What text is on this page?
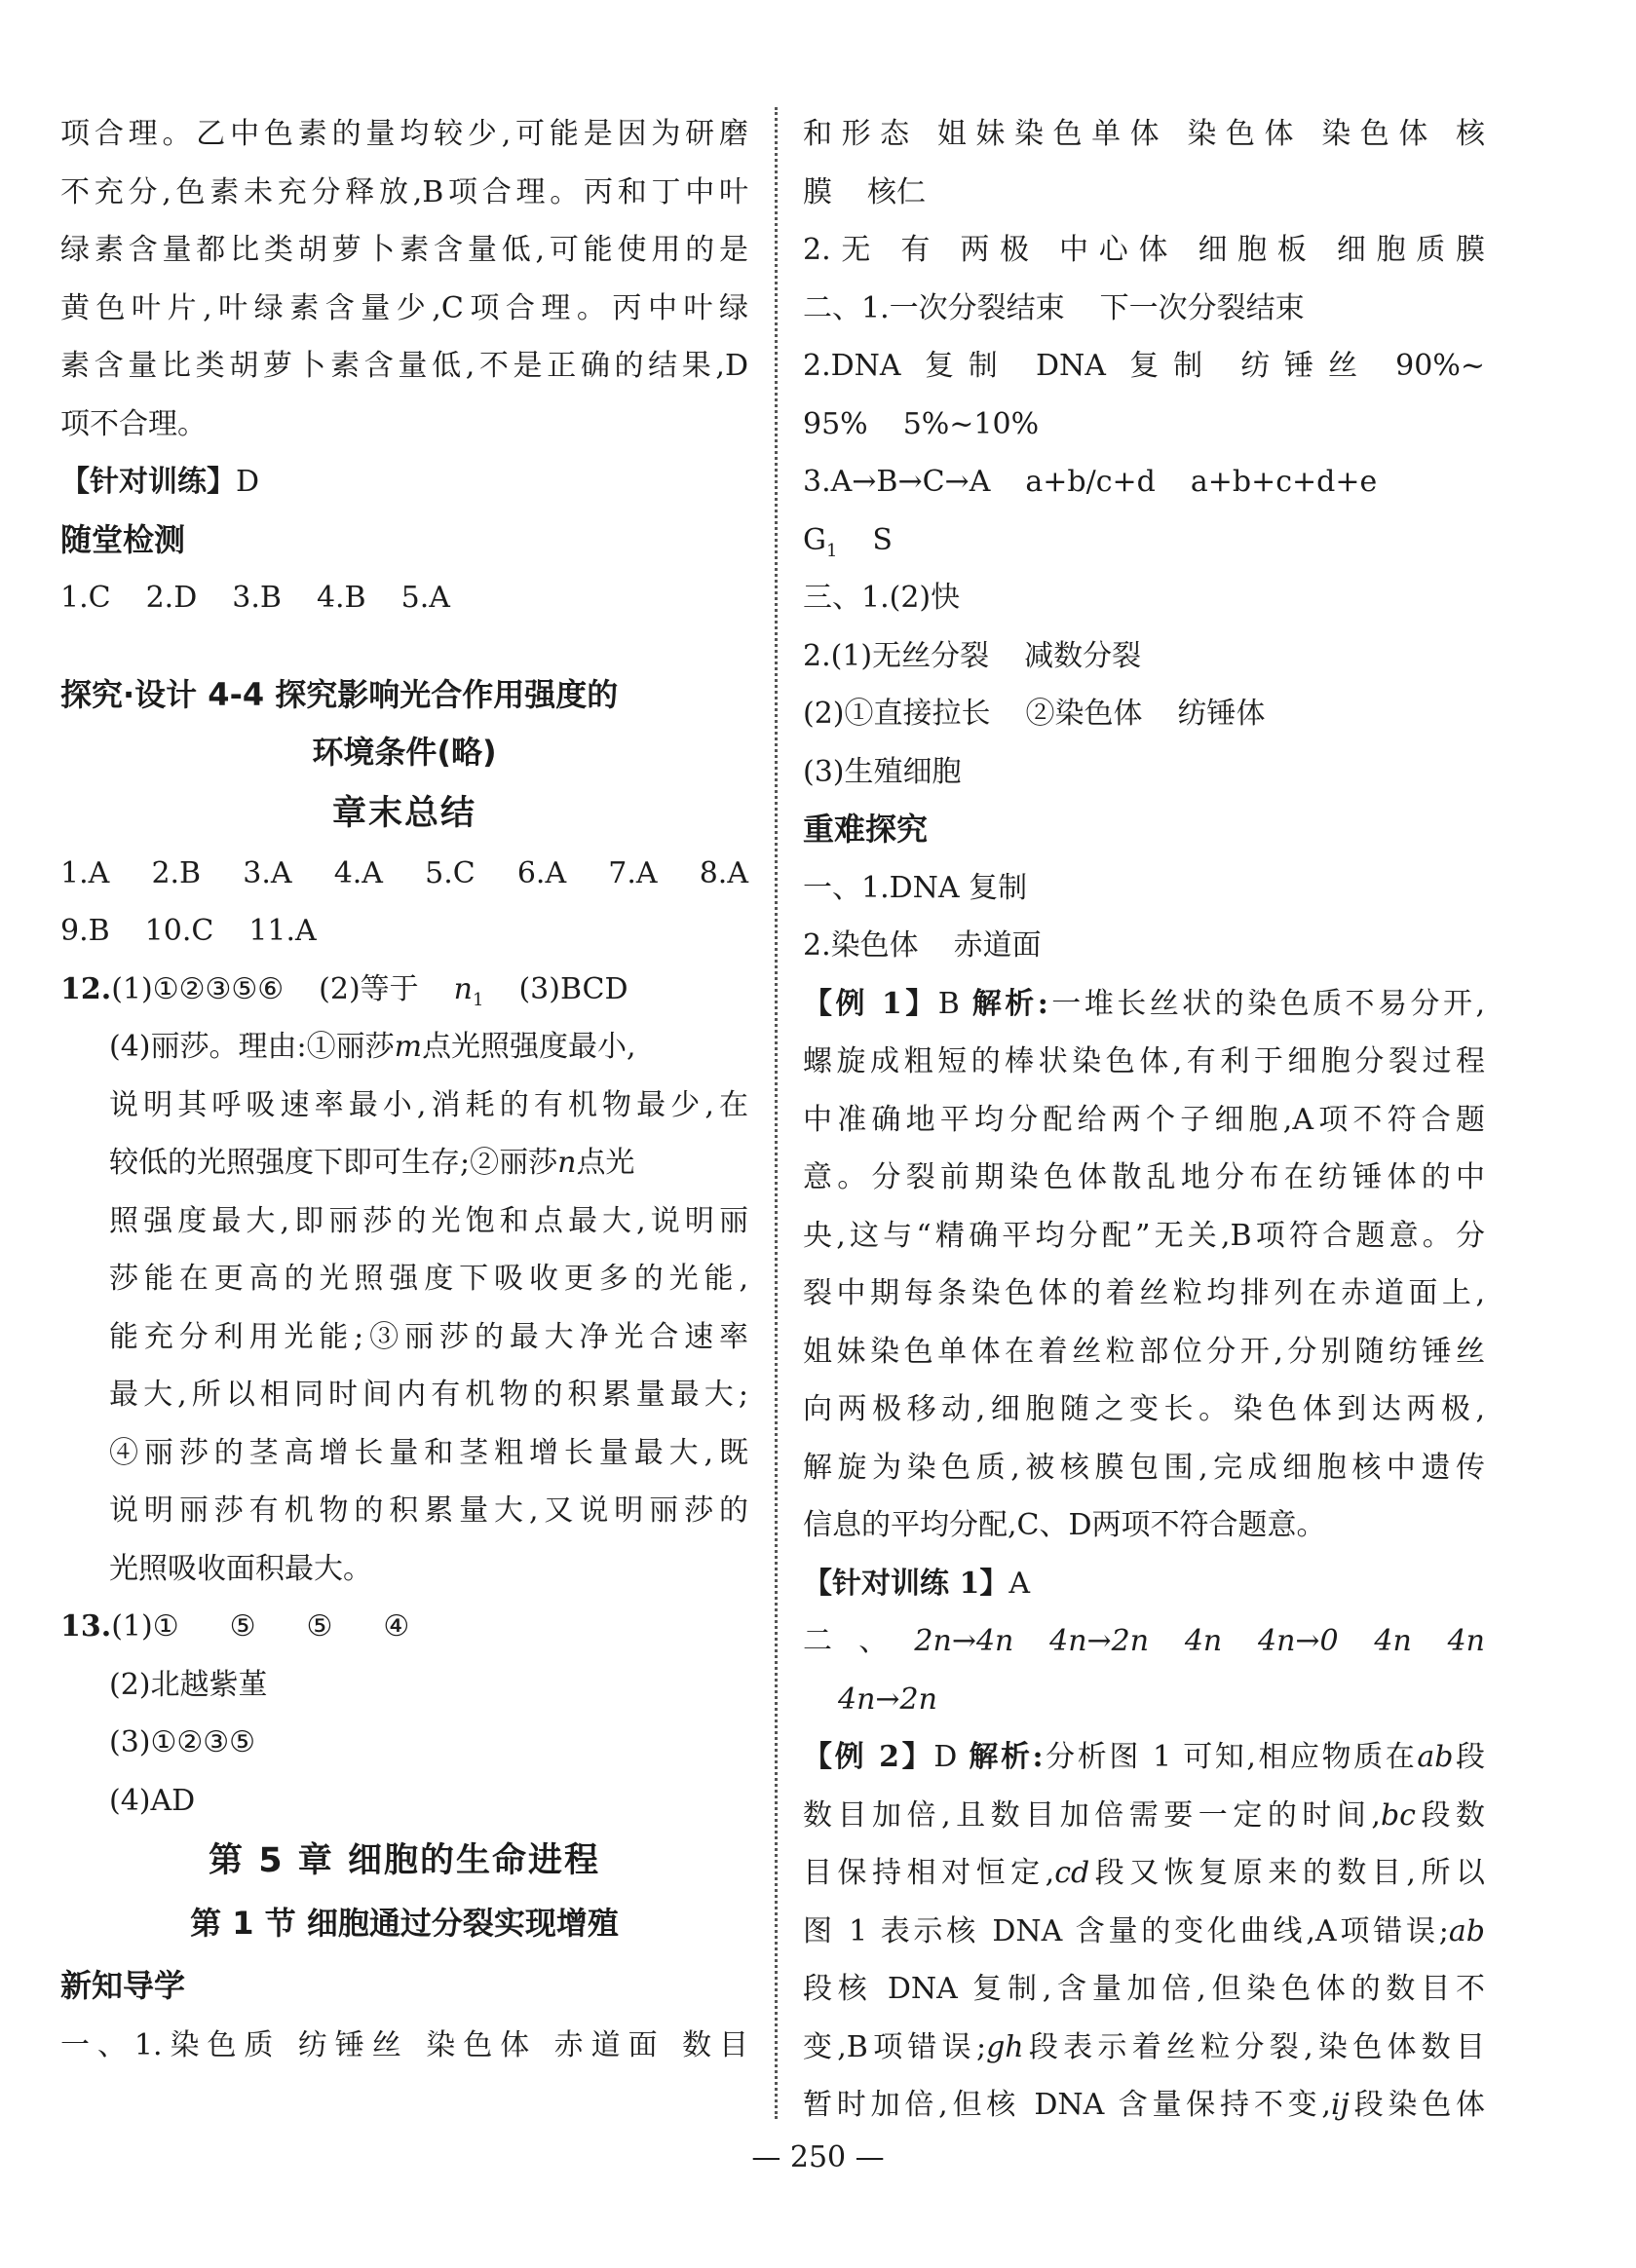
项合理。乙中色素的量均较少,可能是因为研磨
不充分,色素未充分释放,B项合理。丙和丁中叶
绿素含量都比类胡萝卜素含量低,可能使用的是
黄色叶片,叶绿素含量少,C项合理。丙中叶绿
素含量比类胡萝卜素含量低,不是正确的结果,D
项不合理。
【针对训练】D
随堂检测
1.C 2.D 3.B 4.B 5.A
探究·设计 4-4 探究影响光合作用强度的
环境条件(略)
章末总结
1.A 2.B 3.A 4.A 5.C 6.A 7.A 8.A
9.B 10.C 11.A
12.(1)①②③⑤⑥ (2)等于 $n_1$ (3)BCD
(4)丽莎。理由:①丽莎m点光照强度最小,
说明其呼吸速率最小,消耗的有机物最少,在
较低的光照强度下即可生存;②丽莎n点光
照强度最大,即丽莎的光饱和点最大,说明丽
莎能在更高的光照强度下吸收更多的光能,
能充分利用光能;③丽莎的最大净光合速率
最大,所以相同时间内有机物的积累量最大;
④丽莎的茎高增长量和茎粗增长量最大,既
说明丽莎有机物的积累量大,又说明丽莎的
光照吸收面积最大。
13.(1)① ⑤ ⑤ ④
(2)北越紫堇
(3)①②③⑤
(4)AD
第 5 章 细胞的生命进程
第 1 节 细胞通过分裂实现增殖
新知导学
一、1.染色质 纺锤丝 染色体 赤道面 数目
和形态 姐妹染色单体 染色体 染色体 核
膜 核仁
2.无 有 两极 中心体 细胞板 细胞质膜
二、1.一次分裂结束 下一次分裂结束
2.DNA 复制 DNA 复制 纺锤丝 90%~
95% 5%~10%
3.A→B→C→A a+b/c+d a+b+c+d+e
$G_1$ S
三、1.(2)快
2.(1)无丝分裂 减数分裂
(2)①直接拉长 ②染色体 纺锤体
(3)生殖细胞
重难探究
一、1.DNA 复制
2.染色体 赤道面
【例 1】B 解析:一堆长丝状的染色质不易分开,
螺旋成粗短的棒状染色体,有利于细胞分裂过程
中准确地平均分配给两个子细胞,A项不符合题
意。分裂前期染色体散乱地分布在纺锤体的中
央,这与“精确平均分配”无关,B项符合题意。分
裂中期每条染色体的着丝粒均排列在赤道面上,
姐妹染色单体在着丝粒部位分开,分别随纺锤丝
向两极移动,细胞随之变长。染色体到达两极,
解旋为染色质,被核膜包围,完成细胞核中遗传
信息的平均分配,C、D两项不符合题意。
【针对训练 1】A
二、2n→4n 4n→2n 4n 4n→0 4n 4n
4n→2n
【例 2】D 解析:分析图 1 可知,相应物质在ab段
数目加倍,且数目加倍需要一定的时间,bc段数
目保持相对恒定,cd段又恢复原来的数目,所以
图 1 表示核 DNA 含量的变化曲线,A项错误;ab
段核 DNA 复制,含量加倍,但染色体的数目不
变,B项错误;gh段表示着丝粒分裂,染色体数目
暂时加倍,但核 DNA 含量保持不变,ij段染色体
— 250 —
